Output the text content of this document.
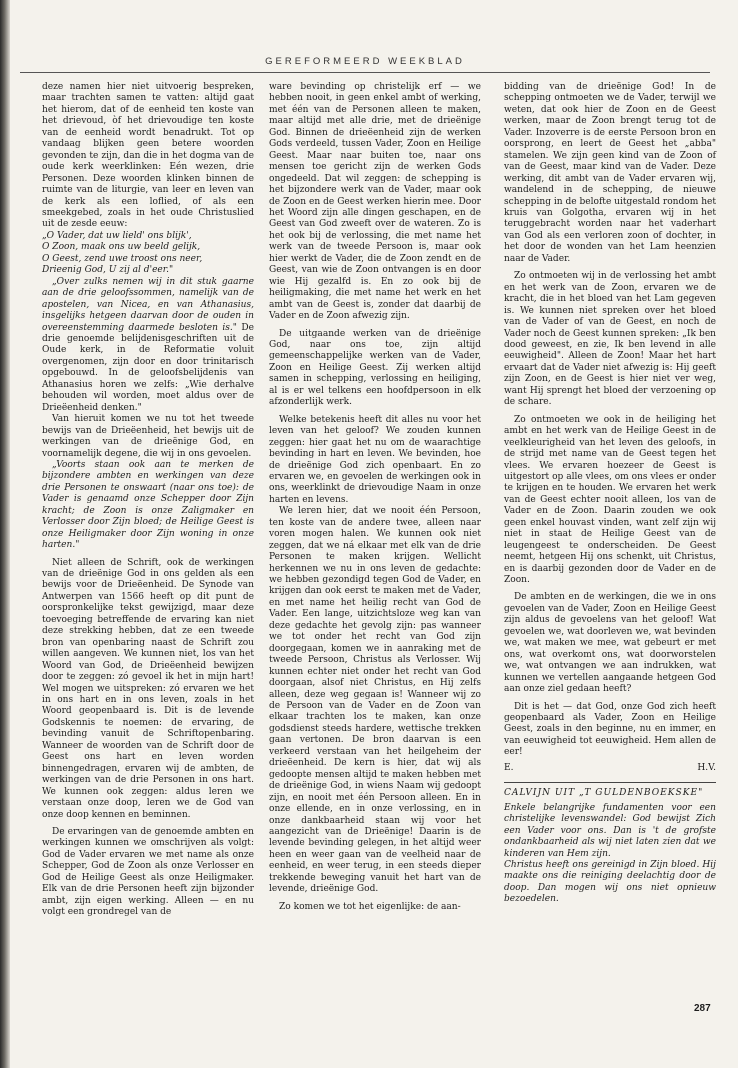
GEREFORMEERD WEEKBLAD

deze namen hier niet uitvoerig bespreken, maar trachten samen te vatten: altijd gaat het hierom, dat of de eenheid ten koste van het drievoud, òf het drievoudige ten koste van de eenheid wordt benadrukt. Tot op vandaag blijken geen betere woorden gevonden te zijn, dan die in het dogma van de oude kerk weerklinken: Eén wezen, drie Personen. Deze woorden klinken binnen de ruimte van de liturgie, van leer en leven van de kerk als een loflied, of als een smeekgebed, zoals in het oude Christuslied uit de zesde eeuw:

„O Vader, dat uw lield' ons blijk',
O Zoon, maak ons uw beeld gelijk,
O Geest, zend uwe troost ons neer,
Drieenig God, U zij al d'eer."

„Over zulks nemen wij in dit stuk gaarne aan de drie geloofssommen, namelijk van de apostelen, van Nicea, en van Athanasius, insgelijks hetgeen daarvan door de ouden in overeenstemming daarmede besloten is." De drie genoemde belijdenisgeschriften uit de Oude kerk, in de Reformatie voluit overgenomen, zijn door en door trinitarisch opgebouwd. In de geloofsbelijdenis van Athanasius horen we zelfs: „Wie derhalve behouden wil worden, moet aldus over de Drieëenheid denken."

Van hieruit komen we nu tot het tweede bewijs van de Drieëenheid, het bewijs uit de werkingen van de drieënige God, en voornamelijk degene, die wij in ons gevoelen.

„Voorts staan ook aan te merken de bijzondere ambten en werkingen van deze drie Personen te onswaart (naar ons toe): de Vader is genaamd onze Schepper door Zijn kracht; de Zoon is onze Zaligmaker en Verlosser door Zijn bloed; de Heilige Geest is onze Heiligmaker door Zijn woning in onze harten."

Niet alleen de Schrift, ook de werkingen van de drieënige God in ons gelden als een bewijs voor de Drieëenheid. De Synode van Antwerpen van 1566 heeft op dit punt de oorspronkelijke tekst gewijzigd, maar deze toevoeging betreffende de ervaring kan niet deze strekking hebben, dat ze een tweede bron van openbaring naast de Schrift zou willen aangeven. We kunnen niet, los van het Woord van God, de Drieëenheid bewijzen door te zeggen: zó gevoel ik het in mijn hart! Wel mogen we uitspreken: zó ervaren we het in ons hart en in ons leven, zoals in het Woord geopenbaard is. Dit is de levende Godskennis te noemen: de ervaring, de bevinding vanuit de Schriftopenbaring. Wanneer de woorden van de Schrift door de Geest ons hart en leven worden binnengedragen, ervaren wij de ambten, de werkingen van de drie Personen in ons hart. We kunnen ook zeggen: aldus leren we verstaan onze doop, leren we de God van onze doop kennen en beminnen.

De ervaringen van de genoemde ambten en werkingen kunnen we omschrijven als volgt: God de Vader ervaren we met name als onze Schepper, God de Zoon als onze Verlosser en God de Heilige Geest als onze Heiligmaker. Elk van de drie Personen heeft zijn bijzonder ambt, zijn eigen werking. Alleen — en nu volgt een grondregel van de

ware bevinding op christelijk erf — we hebben nooit, in geen enkel ambt of werking, met één van de Personen alleen te maken, maar altijd met alle drie, met de drieënige God. Binnen de drieëenheid zijn de werken Gods verdeeld, tussen Vader, Zoon en Heilige Geest. Maar naar buiten toe, naar ons mensen toe gericht zijn de werken Gods ongedeeld. Dat wil zeggen: de schepping is het bijzondere werk van de Vader, maar ook de Zoon en de Geest werken hierin mee. Door het Woord zijn alle dingen geschapen, en de Geest van God zweeft over de wateren. Zo is het ook bij de verlossing, die met name het werk van de tweede Persoon is, maar ook hier werkt de Vader, die de Zoon zendt en de Geest, van wie de Zoon ontvangen is en door wie Hij gezalfd is. En zo ook bij de heiligmaking, die met name het werk en het ambt van de Geest is, zonder dat daarbij de Vader en de Zoon afwezig zijn.

De uitgaande werken van de drieënige God, naar ons toe, zijn altijd gemeenschappelijke werken van de Vader, Zoon en Heilige Geest. Zij werken altijd samen in schepping, verlossing en heiliging, al is er wel telkens een hoofdpersoon in elk afzonderlijk werk.

Welke betekenis heeft dit alles nu voor het leven van het geloof? We zouden kunnen zeggen: hier gaat het nu om de waarachtige bevinding in hart en leven. We bevinden, hoe de drieënige God zich openbaart. En zo ervaren we, en gevoelen de werkingen ook in ons, weerklinkt de drievoudige Naam in onze harten en levens.

We leren hier, dat we nooit één Persoon, ten koste van de andere twee, alleen naar voren mogen halen. We kunnen ook niet zeggen, dat we ná elkaar met elk van de drie Personen te maken krijgen. Wellicht herkennen we nu in ons leven de gedachte: we hebben gezondigd tegen God de Vader, en krijgen dan ook eerst te maken met de Vader, en met name het heilig recht van God de Vader. Een lange, uitzichtsloze weg kan van deze gedachte het gevolg zijn: pas wanneer we tot onder het recht van God zijn doorgegaan, komen we in aanraking met de tweede Persoon, Christus als Verlosser. Wij kunnen echter niet onder het recht van God doorgaan, alsof niet Christus, en Hij zelfs alleen, deze weg gegaan is! Wanneer wij zo de Persoon van de Vader en de Zoon van elkaar trachten los te maken, kan onze godsdienst steeds hardere, wettische trekken gaan vertonen. De bron daarvan is een verkeerd verstaan van het heilgeheim der drieëenheid. De kern is hier, dat wij als gedoopte mensen altijd te maken hebben met de drieënige God, in wiens Naam wij gedoopt zijn, en nooit met één Persoon alleen. En in onze ellende, en in onze verlossing, en in onze dankbaarheid staan wij voor het aangezicht van de Drieënige! Daarin is de levende bevinding gelegen, in het altijd weer heen en weer gaan van de veelheid naar de eenheid, en weer terug, in een steeds dieper trekkende beweging vanuit het hart van de levende, drieënige God.

Zo komen we tot het eigenlijke: de aan-

bidding van de drieënige God! In de schepping ontmoeten we de Vader, terwijl we weten, dat ook hier de Zoon en de Geest werken, maar de Zoon brengt terug tot de Vader. Inzoverre is de eerste Persoon bron en oorsprong, en leert de Geest het „abba" stamelen. We zijn geen kind van de Zoon of van de Geest, maar kind van de Vader. Deze werking, dit ambt van de Vader ervaren wij, wandelend in de schepping, de nieuwe schepping in de belofte uitgestald rondom het kruis van Golgotha, ervaren wij in het teruggebracht worden naar het vaderhart van God als een verloren zoon of dochter, in het door de wonden van het Lam heenzien naar de Vader.

Zo ontmoeten wij in de verlossing het ambt en het werk van de Zoon, ervaren we de kracht, die in het bloed van het Lam gegeven is. We kunnen niet spreken over het bloed van de Vader of van de Geest, en noch de Vader noch de Geest kunnen spreken: „Ik ben dood geweest, en zie, Ik ben levend in alle eeuwigheid". Alleen de Zoon! Maar het hart ervaart dat de Vader niet afwezig is: Hij geeft zijn Zoon, en de Geest is hier niet ver weg, want Hij sprengt het bloed der verzoening op de schare.

Zo ontmoeten we ook in de heiliging het ambt en het werk van de Heilige Geest in de veelkleurigheid van het leven des geloofs, in de strijd met name van de Geest tegen het vlees. We ervaren hoezeer de Geest is uitgestort op alle vlees, om ons vlees er onder te krijgen en te houden. We ervaren het werk van de Geest echter nooit alleen, los van de Vader en de Zoon. Daarin zouden we ook geen enkel houvast vinden, want zelf zijn wij niet in staat de Heilige Geest van de leugengeest te onderscheiden. De Geest neemt, hetgeen Hij ons schenkt, uit Christus, en is daarbij gezonden door de Vader en de Zoon.

De ambten en de werkingen, die we in ons gevoelen van de Vader, Zoon en Heilige Geest zijn aldus de gevoelens van het geloof! Wat gevoelen we, wat doorleven we, wat bevinden we, wat maken we mee, wat gebeurt er met ons, wat overkomt ons, wat doorworstelen we, wat ontvangen we aan indrukken, wat kunnen we vertellen aangaande hetgeen God aan onze ziel gedaan heeft?

Dit is het — dat God, onze God zich heeft geopenbaard als Vader, Zoon en Heilige Geest, zoals in den beginne, nu en immer, en van eeuwigheid tot eeuwigheid. Hem allen de eer!

E.	H.V.
CALVIJN UIT „T GULDENBOEKSKE"

Enkele belangrijke fundamenten voor een christelijke levenswandel: God bewijst Zich een Vader voor ons. Dan is 't de grofste ondankbaarheid als wij niet laten zien dat we kinderen van Hem zijn.

Christus heeft ons gereinigd in Zijn bloed. Hij maakte ons die reiniging deelachtig door de doop. Dan mogen wij ons niet opnieuw bezoedelen.

287
